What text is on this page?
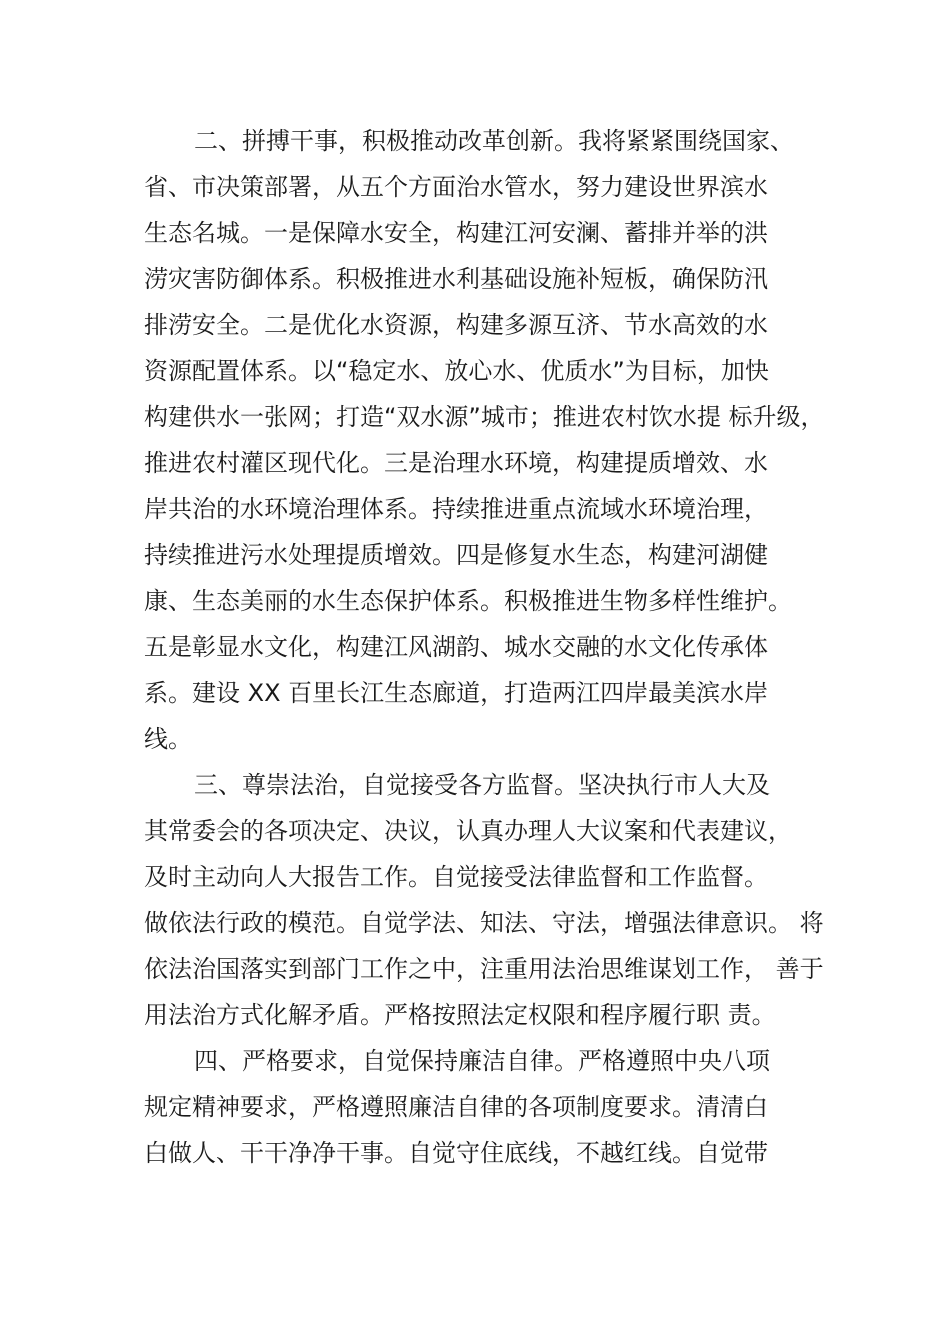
二、拼搏干事，积极推动改革创新。我将紧紧围绕国家、
省、市决策部署，从五个方面治水管水，努力建设世界滨水
生态名城。一是保障水安全，构建江河安澜、蓄排并举的洪
涝灾害防御体系。积极推进水利基础设施补短板，确保防汛
排涝安全。二是优化水资源，构建多源互济、节水高效的水
资源配置体系。以“稳定水、放心水、优质水”为目标，加快
构建供水一张网；打造“双水源”城市；推进农村饮水提 标升级，
推进农村灌区现代化。三是治理水环境，构建提质增效、水
岸共治的水环境治理体系。持续推进重点流域水环境治理，
持续推进污水处理提质增效。四是修复水生态，构建河湖健
康、生态美丽的水生态保护体系。积极推进生物多样性维护。
五是彰显水文化，构建江风湖韵、城水交融的水文化传承体
系。建设 XX 百里长江生态廊道，打造两江四岸最美滨水岸
线。
三、尊崇法治，自觉接受各方监督。坚决执行市人大及
其常委会的各项决定、决议，认真办理人大议案和代表建议，
及时主动向人大报告工作。自觉接受法律监督和工作监督。
做依法行政的模范。自觉学法、知法、守法，增强法律意识。 将
依法治国落实到部门工作之中，注重用法治思维谋划工作， 善于
用法治方式化解矛盾。严格按照法定权限和程序履行职 责。
四、严格要求，自觉保持廉洁自律。严格遵照中央八项
规定精神要求，严格遵照廉洁自律的各项制度要求。清清白
白做人、干干净净干事。自觉守住底线，不越红线。自觉带
